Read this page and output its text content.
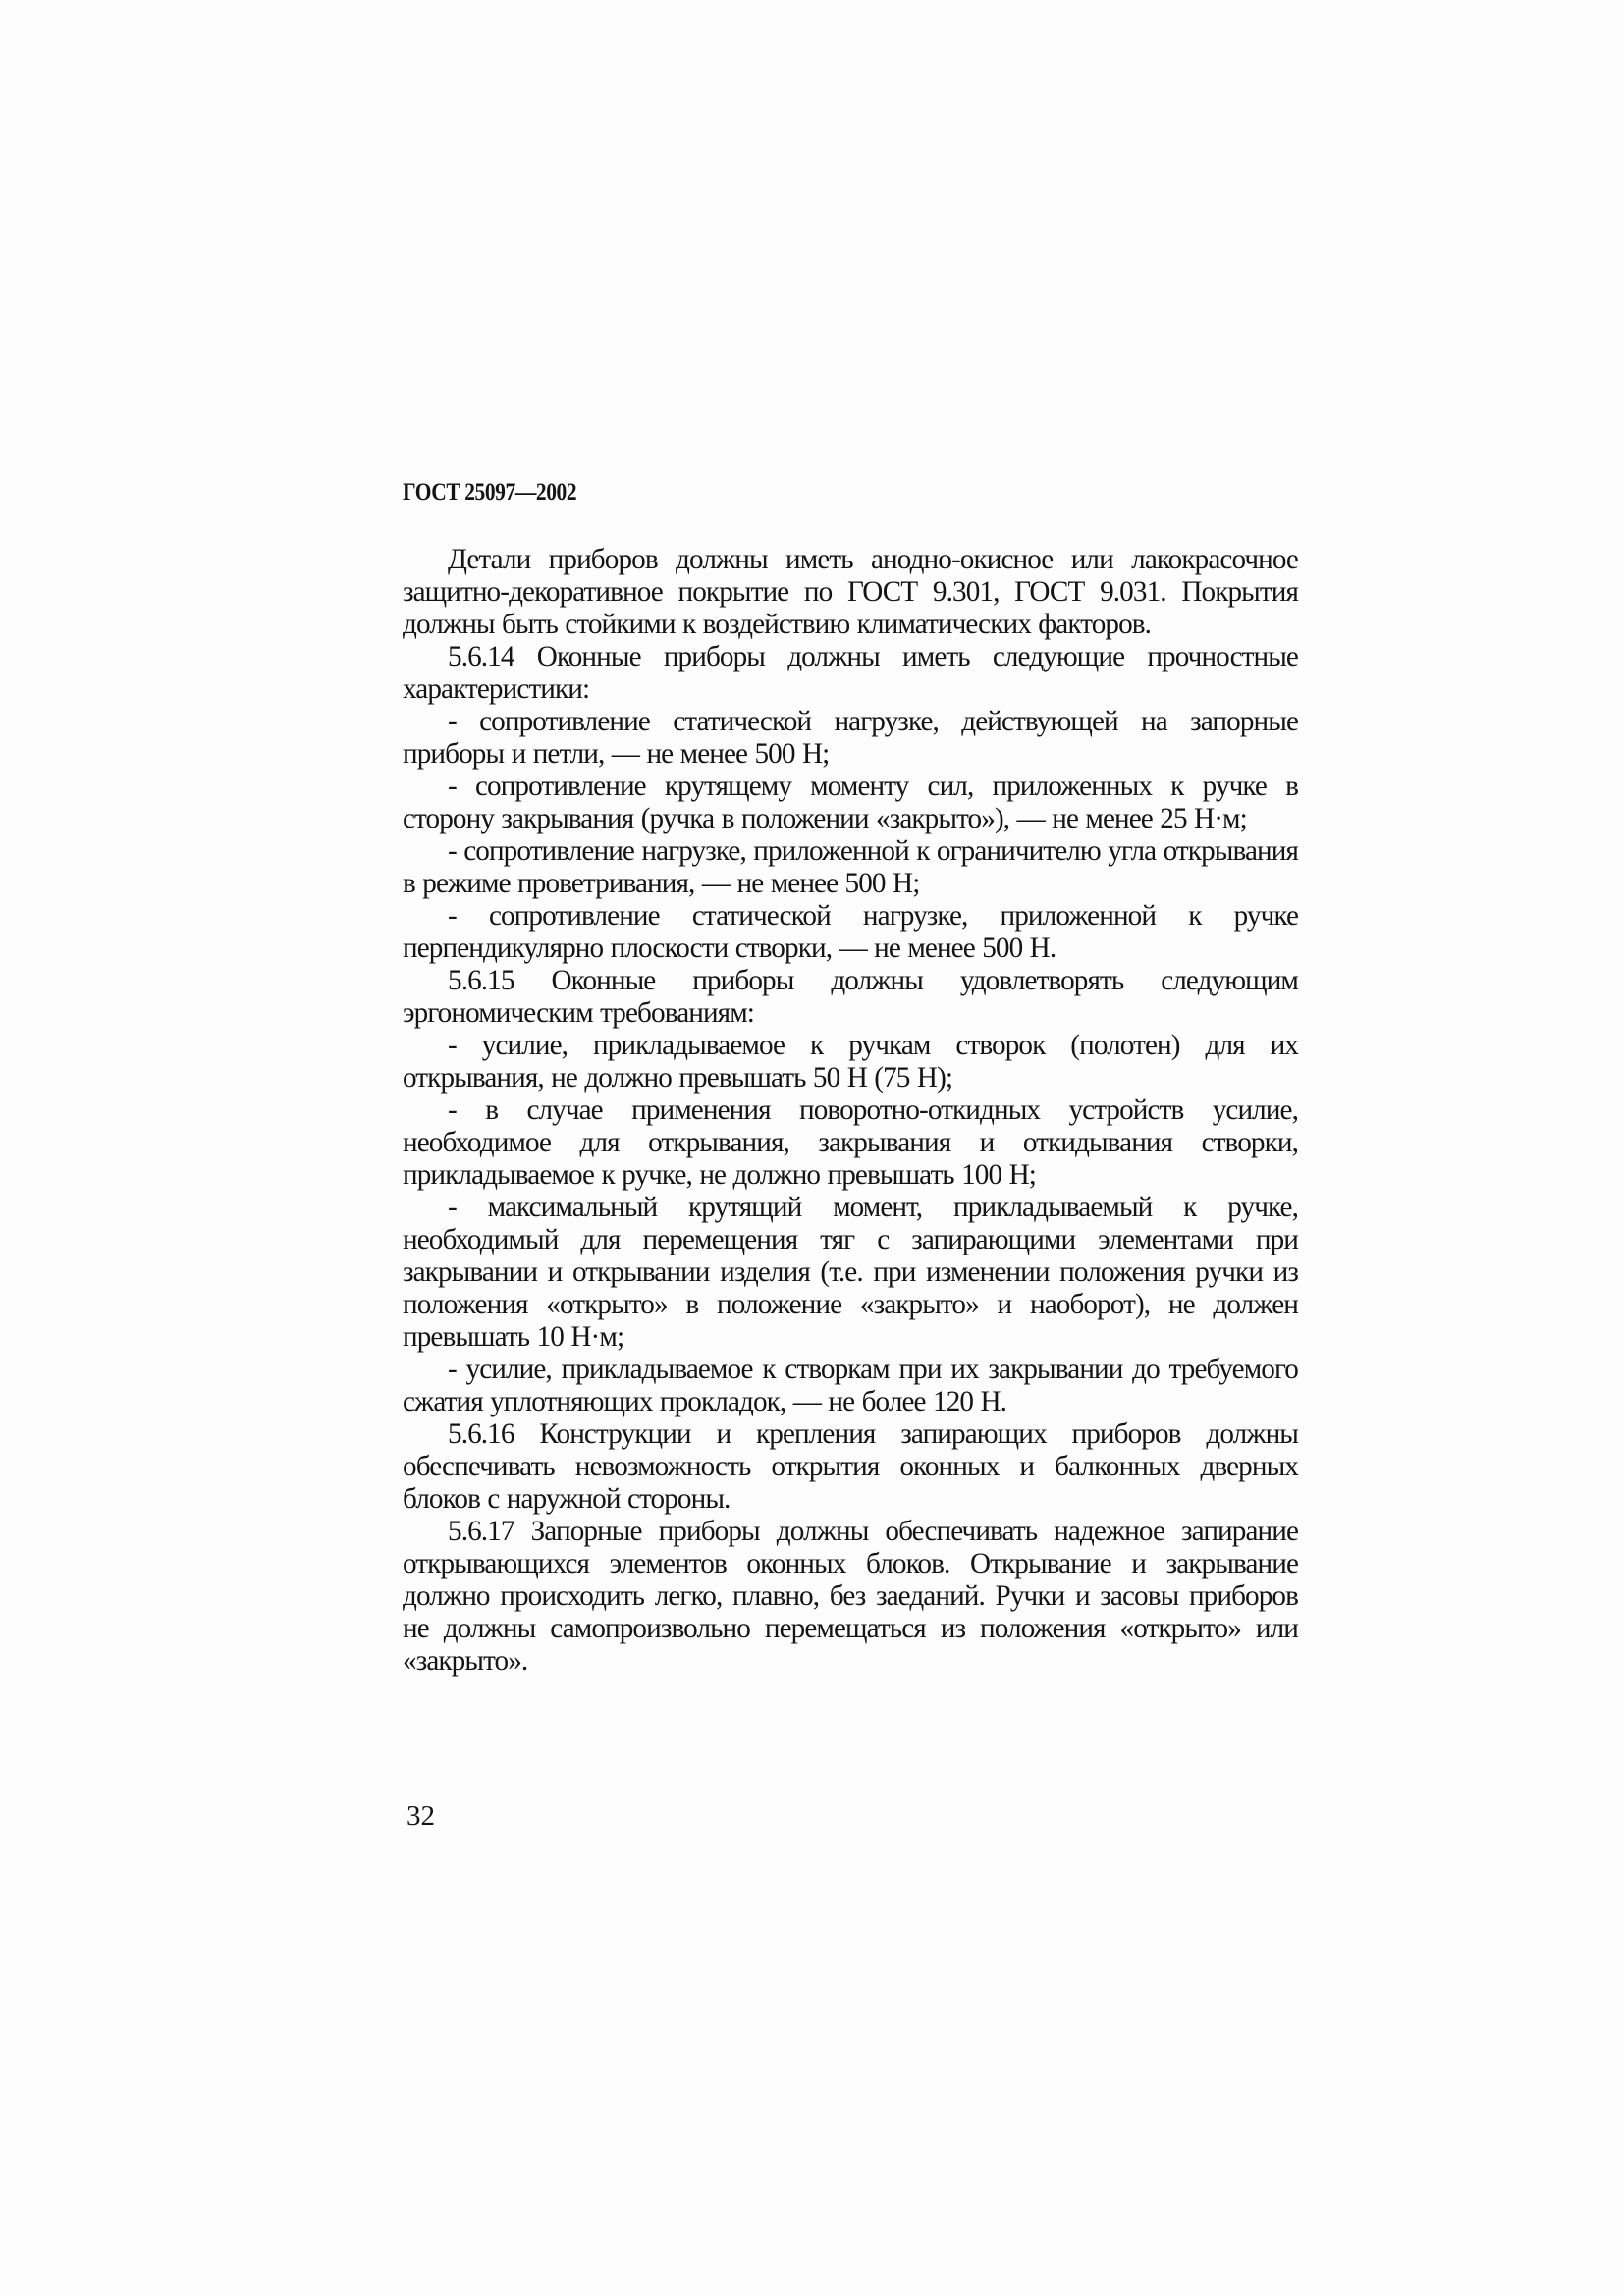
ГОСТ 25097—2002

Детали приборов должны иметь анодно-окисное или лакокрасочное защитно-декоративное покрытие по ГОСТ 9.301, ГОСТ 9.031. Покрытия должны быть стойкими к воздействию климатических факторов.

5.6.14 Оконные приборы должны иметь следующие прочностные характеристики:

- сопротивление статической нагрузке, действующей на запорные приборы и петли, — не менее 500 Н;

- сопротивление крутящему моменту сил, приложенных к ручке в сторону закрывания (ручка в положении «закрыто»), — не менее 25 Н·м;

- сопротивление нагрузке, приложенной к ограничителю угла открывания в режиме проветривания, — не менее 500 Н;

- сопротивление статической нагрузке, приложенной к ручке перпендикулярно плоскости створки, — не менее 500 Н.

5.6.15 Оконные приборы должны удовлетворять следующим эргономическим требованиям:

- усилие, прикладываемое к ручкам створок (полотен) для их открывания, не должно превышать 50 Н (75 Н);

- в случае применения поворотно-откидных устройств усилие, необходимое для открывания, закрывания и откидывания створки, прикладываемое к ручке, не должно превышать 100 Н;

- максимальный крутящий момент, прикладываемый к ручке, необходимый для перемещения тяг с запирающими элементами при закрывании и открывании изделия (т.е. при изменении положения ручки из положения «открыто» в положение «закрыто» и наоборот), не должен превышать 10 Н·м;

- усилие, прикладываемое к створкам при их закрывании до требуемого сжатия уплотняющих прокладок, — не более 120 Н.

5.6.16 Конструкции и крепления запирающих приборов должны обеспечивать невозможность открытия оконных и балконных дверных блоков с наружной стороны.

5.6.17 Запорные приборы должны обеспечивать надежное запирание открывающихся элементов оконных блоков. Открывание и закрывание должно происходить легко, плавно, без заеданий. Ручки и засовы приборов не должны самопроизвольно перемещаться из положения «открыто» или «закрыто».

32
